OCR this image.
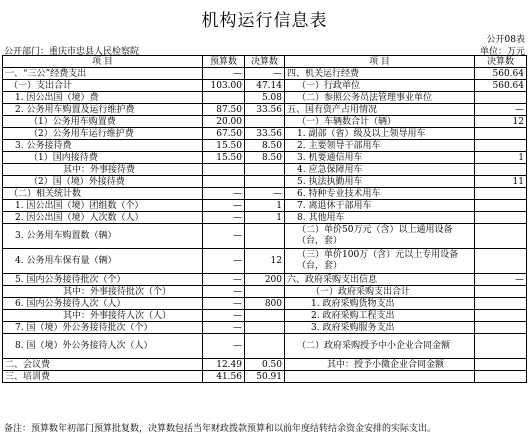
机构运行信息表
公开08表
公开部门：重庆市忠县人民检察院	单位：万元
项 目	预算数	决算数	项 目	决算数
一、“三公”经费支出	—	—	四、机关运行经费	560.64
（一）支出合计	103.00	47.14	（一）行政单位	560.64
1. 因公出国（境）费		5.08	（二）参照公务员法管理事业单位	
2. 公务用车购置及运行维护费	87.50	33.56	五、国有资产占用情况	—
（1）公务用车购置费	20.00		（一）车辆数合计（辆）	12
（2）公务用车运行维护费	67.50	33.56	1. 副部（省）级及以上领导用车	
3. 公务接待费	15.50	8.50	2. 主要领导干部用车	
（1）国内接待费	15.50	8.50	3. 机要通信用车	1
其中：外事接待费			4. 应急保障用车	
（2）国（境）外接待费			5. 执法执勤用车	11
（二）相关统计数	—	—	6. 特种专业技术用车	
1. 因公出国（境）团组数（个）	—	1	7. 离退休干部用车	
2. 因公出国（境）人次数（人）	—	1	8. 其他用车	
3. 公务用车购置数（辆）	—		（二）单价50万元（含）以上通用设备（台，套）	
4. 公务用车保有量（辆）	—	12	（三）单价100万（含）元以上专用设备（台，套）	
5. 国内公务接待批次（个）	—	200	六、政府采购支出信息	—
其中：外事接待批次（个）	—		（一）政府采购支出合计	
6. 国内公务接待人次（人）	—	800	1. 政府采购货物支出	
其中：外事接待人次（人）	—		2. 政府采购工程支出	
7. 国（境）外公务接待批次（个）	—		3. 政府采购服务支出	
8. 国（境）外公务接待人次（人）	—		（二）政府采购授予中小企业合同金额	
二、会议费	12.49	0.50	其中：授予小微企业合同金额	
三、培训费	41.56	50.91		
备注：预算数年初部门预算批复数，决算数包括当年财政拨款预算和以前年度结转结余资金安排的实际支出。
